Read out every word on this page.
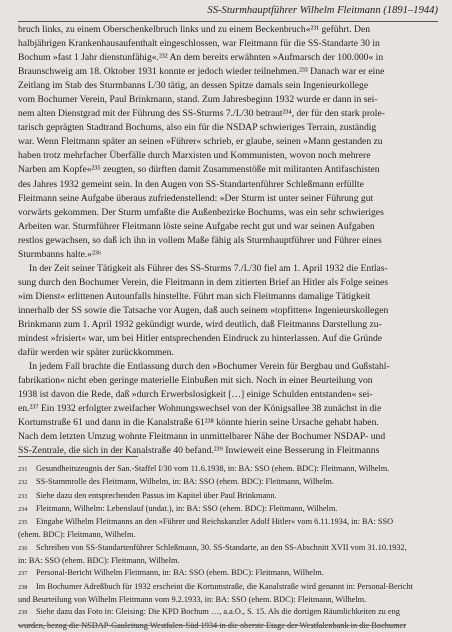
SS-Sturmhauptführer Wilhelm Fleitmann (1891–1944)
bruch links, zu einem Oberschenkelbruch links und zu einem Beckenbruch«²³¹ geführt. Den
halbjährigen Krankenhausaufenthalt eingeschlossen, war Fleitmann für die SS-Standarte 30 in
Bochum »fast 1 Jahr dienstunfähig«.²³² An dem bereits erwähnten »Aufmarsch der 100.000« in
Braunschweig am 18. Oktober 1931 konnte er jedoch wieder teilnehmen.²³³ Danach war er eine
Zeitlang im Stab des Sturmbanns I./30 tätig, an dessen Spitze damals sein Ingenieurkollege
vom Bochumer Verein, Paul Brinkmann, stand. Zum Jahresbeginn 1932 wurde er dann in sei-
nem alten Dienstgrad mit der Führung des SS-Sturms 7./I./30 betraut²³⁴, der für den stark prole-
tarisch geprägten Stadtrand Bochums, also ein für die NSDAP schwieriges Terrain, zuständig
war. Wenn Fleitmann später an seinen »Führer« schrieb, er glaube, seinen »Mann gestanden zu
haben trotz mehrfacher Überfälle durch Marxisten und Kommunisten, wovon noch mehrere
Narben am Kopfe«²³⁵ zeugten, so dürften damit Zusammenstöße mit militanten Antifaschisten
des Jahres 1932 gemeint sein. In den Augen von SS-Standartenführer Schleßmann erfüllte
Fleitmann seine Aufgabe überaus zufriedenstellend: »Der Sturm ist unter seiner Führung gut
vorwärts gekommen. Der Sturm umfaßte die Außenbezirke Bochums, was ein sehr schwieriges
Arbeiten war. Sturmführer Fleitmann löste seine Aufgabe recht gut und war seinen Aufgaben
restlos gewachsen, so daß ich ihn in vollem Maße fähig als Sturmhauptführer und Führer eines
Sturmbanns halte.«²³⁶
In der Zeit seiner Tätigkeit als Führer des SS-Sturms 7./I./30 fiel am 1. April 1932 die Entlas-
sung durch den Bochumer Verein, die Fleitmann in dem zitierten Brief an Hitler als Folge seines
»im Dienst« erlittenen Autounfalls hinstellte. Führt man sich Fleitmanns damalige Tätigkeit
innerhalb der SS sowie die Tatsache vor Augen, daß auch seinem »topfitten« Ingenieurskollegen
Brinkmann zum 1. April 1932 gekündigt wurde, wird deutlich, daß Fleitmanns Darstellung zu-
mindest »frisiert« war, um bei Hitler entsprechenden Eindruck zu hinterlassen. Auf die Gründe
dafür werden wir später zurückkommen.
In jedem Fall brachte die Entlassung durch den »Bochumer Verein für Bergbau und Gußstahl-
fabrikation« nicht eben geringe materielle Einbußen mit sich. Noch in einer Beurteilung von
1938 ist davon die Rede, daß »durch Erwerbslosigkeit […] einige Schulden entstanden« sei-
en.²³⁷ Ein 1932 erfolgter zweifacher Wohnungswechsel von der Königsallee 38 zunächst in die
Kortumstraße 61 und dann in die Kanalstraße 61²³⁸ könnte hierin seine Ursache gehabt haben.
Nach dem letzten Umzug wohnte Fleitmann in unmittelbarer Nähe der Bochumer NSDAP- und
SS-Zentrale, die sich in der Kanalstraße 40 befand.²³⁹ Inwieweit eine Besserung in Fleitmanns
231	Gesundheitszeugnis der San.-Staffel I/30 vom 11.6.1938, in: BA: SSO (ehem. BDC): Fleitmann, Wilhelm.
232	SS-Stammrolle des Fleitmann, Wilhelm, in: BA: SSO (ehem. BDC): Fleitmann, Wilhelm.
233	Siehe dazu den entsprechenden Passus im Kapitel über Paul Brinkmann.
234	Fleitmann, Wilhelm: Lebenslauf (undat.), in: BA: SSO (ehem. BDC): Fleitmann, Wilhelm.
235	Eingabe Wilhelm Fleitmanns an den »Führer und Reichskanzler Adolf Hitler« vom 6.11.1934, in: BA: SSO
(ehem. BDC): Fleitmann, Wilhelm.
236	Schreiben von SS-Standartenführer Schleßmann, 30. SS-Standarte, an den SS-Abschnitt XVII vom 31.10.1932,
in: BA: SSO (ehem. BDC): Fleitmann, Wilhelm.
237	Personal-Bericht Wilhelm Fleitmann, in: BA: SSO (ehem. BDC): Fleitmann, Wilhelm.
238	Im Bochumer Adreßbuch für 1932 erscheint die Kortumstraße, die Kanalstraße wird genannt in: Personal-Bericht
und Beurteilung von Wilhelm Fleitmann vom 9.2.1933, in: BA: SSO (ehem. BDC): Fleitmann, Wilhelm.
239	Siehe dazu das Foto in: Gleising: Die KPD Bochum …, a.a.O., S. 15. Als die dortigen Räumlichkeiten zu eng
wurden, bezog die NSDAP-Gauleitung Westfalen-Süd 1934 in die oberste Etage der Westfalenbank in die Bochumer
